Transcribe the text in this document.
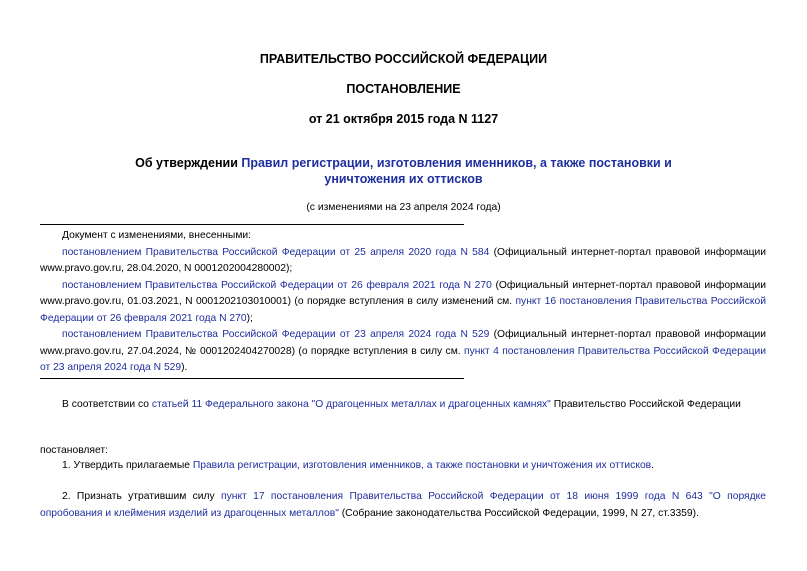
ПРАВИТЕЛЬСТВО РОССИЙСКОЙ ФЕДЕРАЦИИ
ПОСТАНОВЛЕНИЕ
от 21 октября 2015 года N 1127
Об утверждении Правил регистрации, изготовления именников, а также постановки и уничтожения их оттисков
(с изменениями на 23 апреля 2024 года)
Документ с изменениями, внесенными:
постановлением Правительства Российской Федерации от 25 апреля 2020 года N 584 (Официальный интернет-портал правовой информации www.pravo.gov.ru, 28.04.2020, N 0001202004280002);
постановлением Правительства Российской Федерации от 26 февраля 2021 года N 270 (Официальный интернет-портал правовой информации www.pravo.gov.ru, 01.03.2021, N 0001202103010001) (о порядке вступления в силу изменений см. пункт 16 постановления Правительства Российской Федерации от 26 февраля 2021 года N 270);
постановлением Правительства Российской Федерации от 23 апреля 2024 года N 529 (Официальный интернет-портал правовой информации www.pravo.gov.ru, 27.04.2024, № 0001202404270028) (о порядке вступления в силу см. пункт 4 постановления Правительства Российской Федерации от 23 апреля 2024 года N 529).
В соответствии со статьей 11 Федерального закона "О драгоценных металлах и драгоценных камнях" Правительство Российской Федерации
постановляет:
1. Утвердить прилагаемые Правила регистрации, изготовления именников, а также постановки и уничтожения их оттисков.
2. Признать утратившим силу пункт 17 постановления Правительства Российской Федерации от 18 июня 1999 года N 643 "О порядке опробования и клеймения изделий из драгоценных металлов" (Собрание законодательства Российской Федерации, 1999, N 27, ст.3359).
